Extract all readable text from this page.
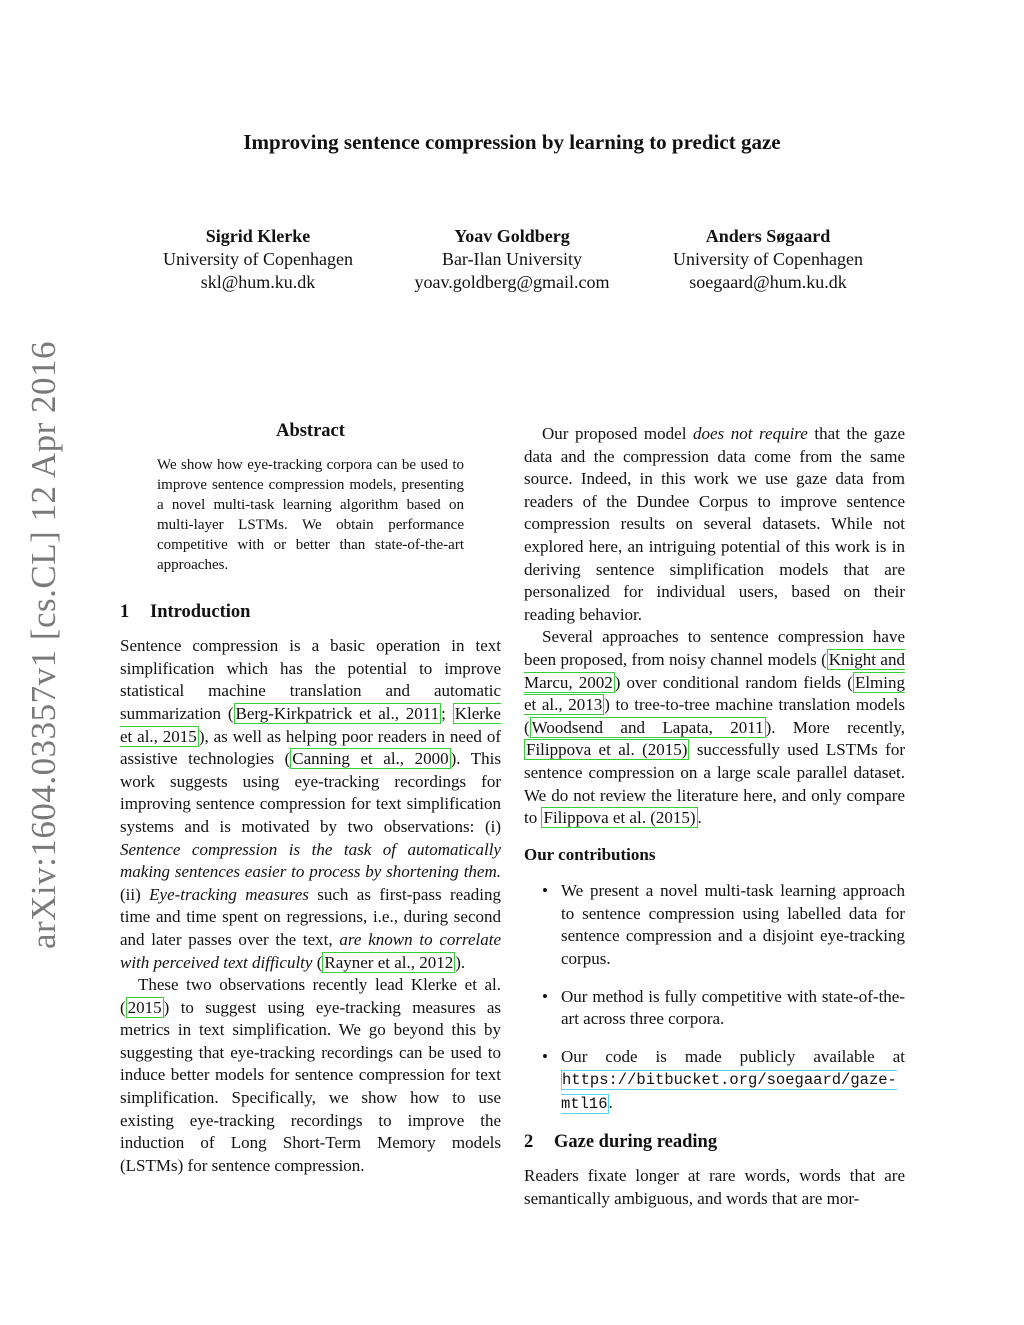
Improving sentence compression by learning to predict gaze
Sigrid Klerke
University of Copenhagen
skl@hum.ku.dk
Yoav Goldberg
Bar-Ilan University
yoav.goldberg@gmail.com
Anders Søgaard
University of Copenhagen
soegaard@hum.ku.dk
arXiv:1604.03357v1 [cs.CL] 12 Apr 2016	Abstract
We show how eye-tracking corpora can be used to improve sentence compression models, presenting a novel multi-task learning algorithm based on multi-layer LSTMs. We obtain performance competitive with or better than state-of-the-art approaches.
1 Introduction

Sentence compression is a basic operation in text simplification which has the potential to improve statistical machine translation and automatic summarization ( Berg-Kirkpatrick et al., 2011 ; Klerke et al., 2015 ), as well as helping poor readers in need of assistive technologies ( Canning et al., 2000 ). This work suggests using eye-tracking recordings for improving sentence compression for text simplification systems and is motivated by two observations: (i) Sentence compression is the task of automatically making sentences easier to process by shortening them. (ii) Eye-tracking measures such as first-pass reading time and time spent on regressions, i.e., during second and later passes over the text, are known to correlate with perceived text difficulty ( Rayner et al., 2012 ).

These two observations recently lead Klerke et al. ( 2015 ) to suggest using eye-tracking measures as metrics in text simplification. We go beyond this by suggesting that eye-tracking recordings can be used to induce better models for sentence compression for text simplification. Specifically, we show how to use existing eye-tracking recordings to improve the induction of Long Short-Term Memory models (LSTMs) for sentence compression.

Our proposed model does not require that the gaze data and the compression data come from the same source. Indeed, in this work we use gaze data from readers of the Dundee Corpus to improve sentence compression results on several datasets. While not explored here, an intriguing potential of this work is in deriving sentence simplification models that are personalized for individual users, based on their reading behavior.

Several approaches to sentence compression have been proposed, from noisy channel models ( Knight and Marcu, 2002 ) over conditional random fields ( Elming et al., 2013 ) to tree-to-tree machine translation models ( Woodsend and Lapata, 2011 ). More recently, Filippova et al. (2015) successfully used LSTMs for sentence compression on a large scale parallel dataset. We do not review the literature here, and only compare to Filippova et al. (2015) .

Our contributions
• We present a novel multi-task learning approach to sentence compression using labelled data for sentence compression and a disjoint eye-tracking corpus.
• Our method is fully competitive with state-of-the-art across three corpora.
• Our code is made publicly available at https://bitbucket.org/soegaard/gaze-mtl16.
2 Gaze during reading

Readers fixate longer at rare words, words that are semantically ambiguous, and words that are mor-
